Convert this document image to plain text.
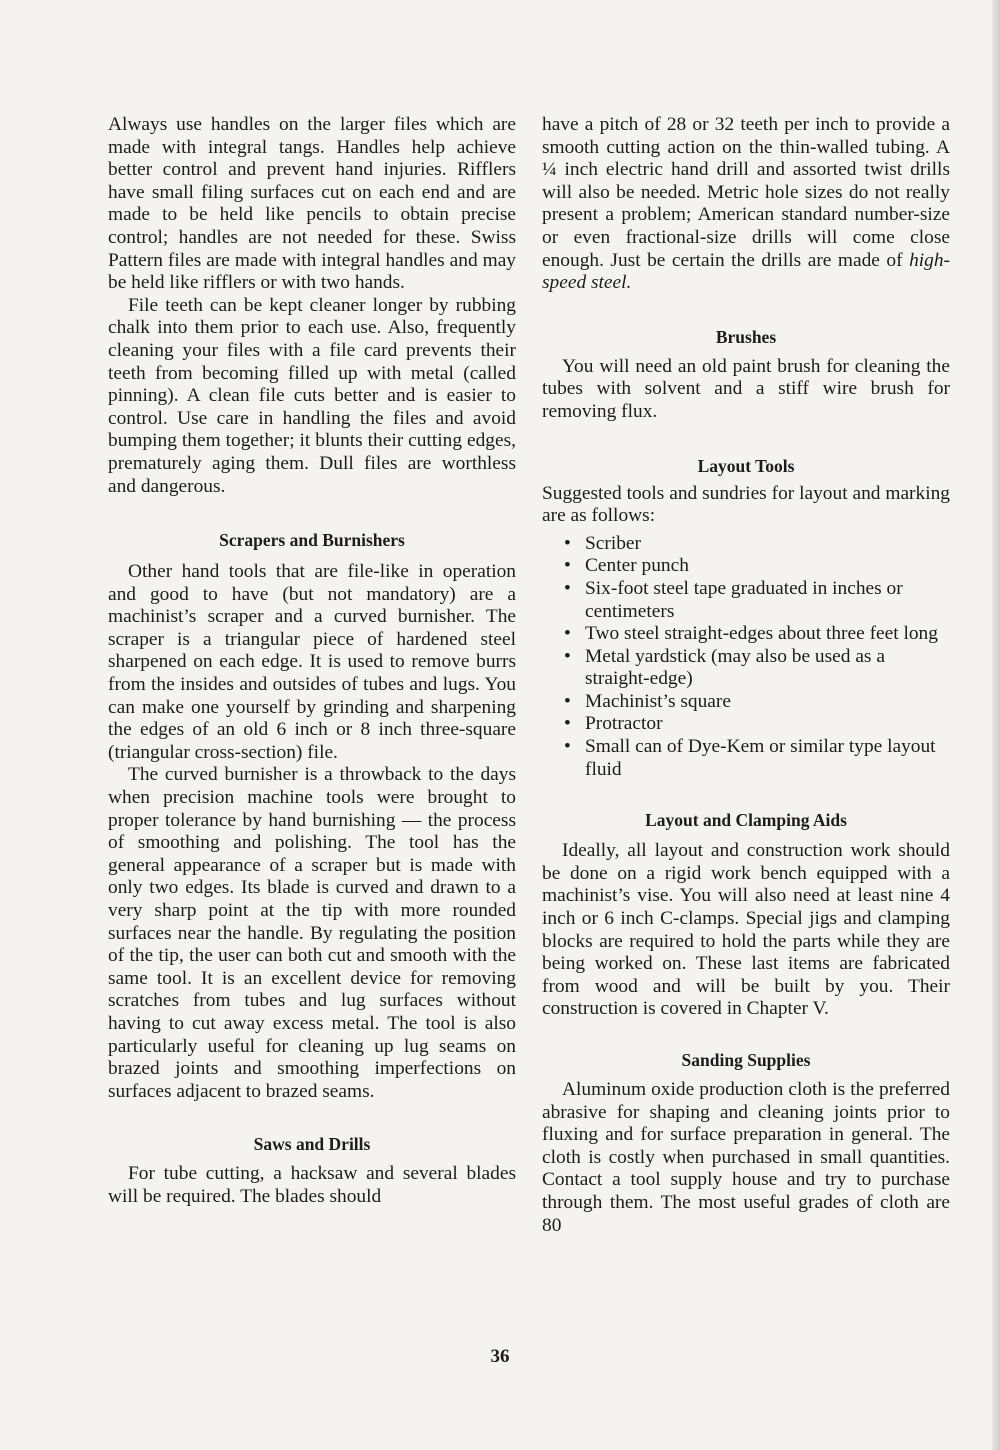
Always use handles on the larger files which are made with integral tangs. Handles help achieve better control and prevent hand injuries. Rifflers have small filing surfaces cut on each end and are made to be held like pencils to obtain precise control; handles are not needed for these. Swiss Pattern files are made with integral handles and may be held like rifflers or with two hands.

File teeth can be kept cleaner longer by rubbing chalk into them prior to each use. Also, frequently cleaning your files with a file card prevents their teeth from becoming filled up with metal (called pinning). A clean file cuts better and is easier to control. Use care in handling the files and avoid bumping them together; it blunts their cutting edges, prematurely aging them. Dull files are worthless and dangerous.

Scrapers and Burnishers

Other hand tools that are file-like in operation and good to have (but not mandatory) are a machinist’s scraper and a curved burnisher. The scraper is a triangular piece of hardened steel sharpened on each edge. It is used to remove burrs from the insides and outsides of tubes and lugs. You can make one yourself by grinding and sharpening the edges of an old 6 inch or 8 inch three-square (triangular cross-section) file.

The curved burnisher is a throwback to the days when precision machine tools were brought to proper tolerance by hand burnishing — the process of smoothing and polishing. The tool has the general appearance of a scraper but is made with only two edges. Its blade is curved and drawn to a very sharp point at the tip with more rounded surfaces near the handle. By regulating the position of the tip, the user can both cut and smooth with the same tool. It is an excellent device for removing scratches from tubes and lug surfaces without having to cut away excess metal. The tool is also particularly useful for cleaning up lug seams on brazed joints and smoothing imperfections on surfaces adjacent to brazed seams.

Saws and Drills

For tube cutting, a hacksaw and several blades will be required. The blades should

have a pitch of 28 or 32 teeth per inch to provide a smooth cutting action on the thin-walled tubing. A ¼ inch electric hand drill and assorted twist drills will also be needed. Metric hole sizes do not really present a problem; American standard number-size or even fractional-size drills will come close enough. Just be certain the drills are made of high-speed steel.

Brushes

You will need an old paint brush for cleaning the tubes with solvent and a stiff wire brush for removing flux.

Layout Tools

Suggested tools and sundries for layout and marking are as follows:

• Scriber
• Center punch
• Six-foot steel tape graduated in inches or centimeters
• Two steel straight-edges about three feet long
• Metal yardstick (may also be used as a straight-edge)
• Machinist’s square
• Protractor
• Small can of Dye-Kem or similar type layout fluid
Layout and Clamping Aids

Ideally, all layout and construction work should be done on a rigid work bench equipped with a machinist’s vise. You will also need at least nine 4 inch or 6 inch C-clamps. Special jigs and clamping blocks are required to hold the parts while they are being worked on. These last items are fabricated from wood and will be built by you. Their construction is covered in Chapter V.

Sanding Supplies

Aluminum oxide production cloth is the preferred abrasive for shaping and cleaning joints prior to fluxing and for surface preparation in general. The cloth is costly when purchased in small quantities. Contact a tool supply house and try to purchase through them. The most useful grades of cloth are 80

36
